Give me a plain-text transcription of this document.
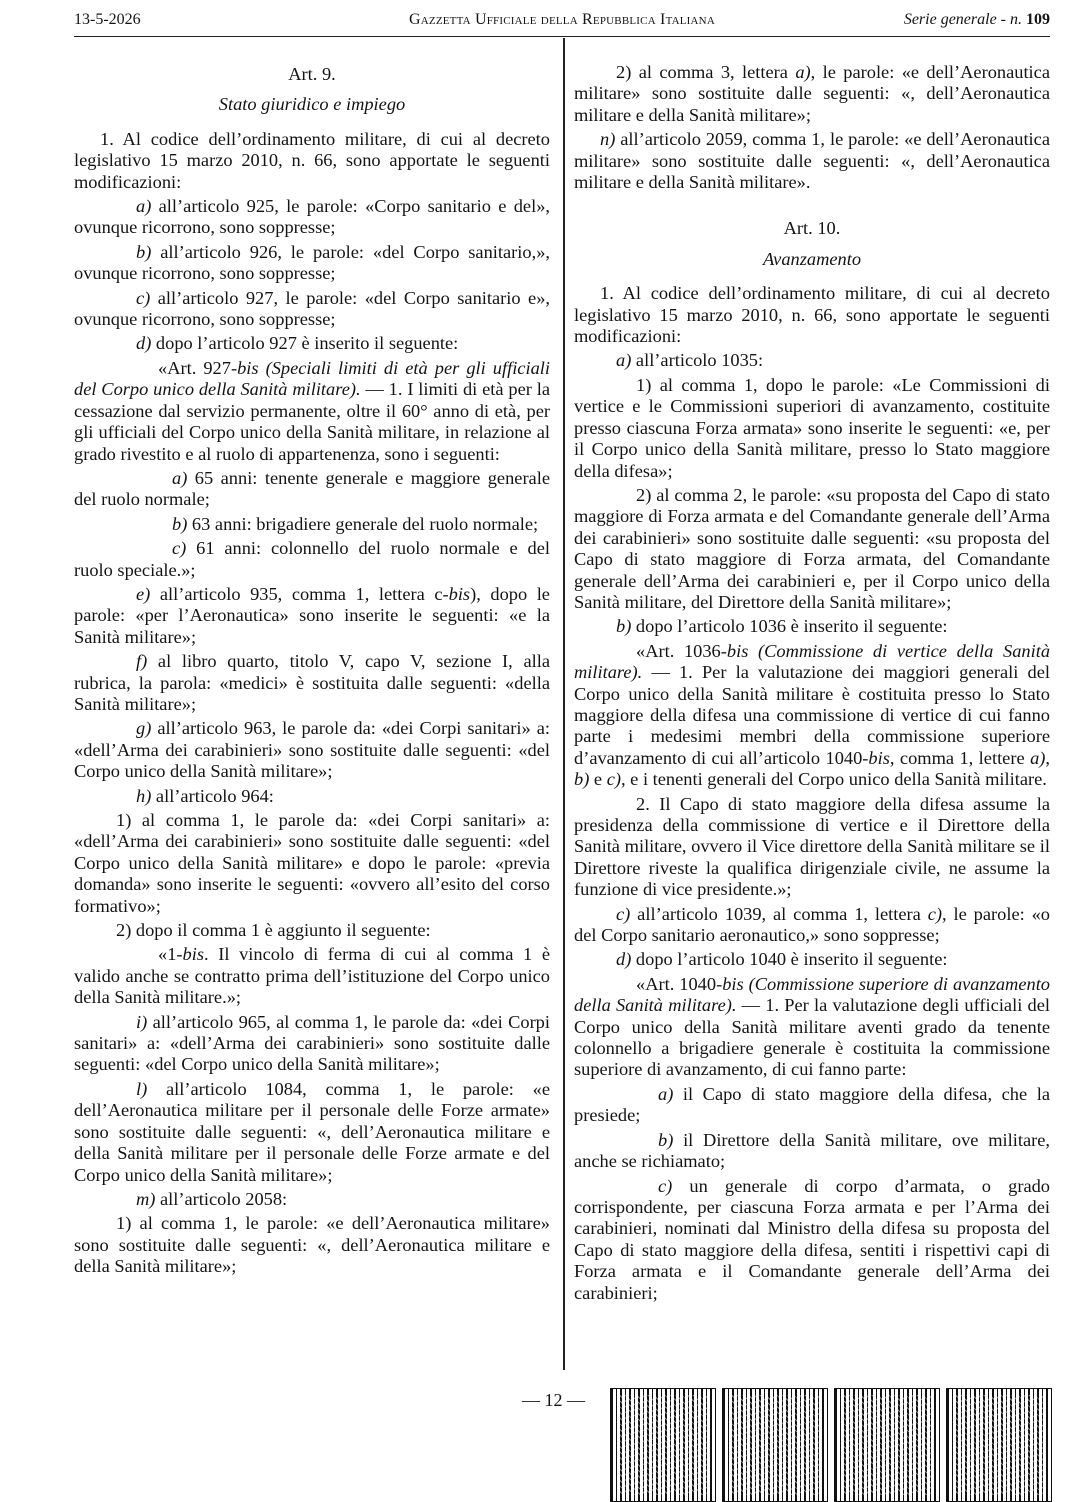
13-5-2026	Gazzetta Ufficiale della Repubblica Italiana	Serie generale - n. 109

Art. 9.

Stato giuridico e impiego

1. Al codice dell’ordinamento militare, di cui al decreto legislativo 15 marzo 2010, n. 66, sono apportate le seguenti modificazioni:

a) all’articolo 925, le parole: «Corpo sanitario e del», ovunque ricorrono, sono soppresse;

b) all’articolo 926, le parole: «del Corpo sanitario,», ovunque ricorrono, sono soppresse;

c) all’articolo 927, le parole: «del Corpo sanitario e», ovunque ricorrono, sono soppresse;

d) dopo l’articolo 927 è inserito il seguente:

«Art. 927-bis (Speciali limiti di età per gli ufficiali del Corpo unico della Sanità militare). — 1. I limiti di età per la cessazione dal servizio permanente, oltre il 60° anno di età, per gli ufficiali del Corpo unico della Sanità militare, in relazione al grado rivestito e al ruolo di appartenenza, sono i seguenti:

a) 65 anni: tenente generale e maggiore generale del ruolo normale;

b) 63 anni: brigadiere generale del ruolo normale;

c) 61 anni: colonnello del ruolo normale e del ruolo speciale.»;

e) all’articolo 935, comma 1, lettera c-bis), dopo le parole: «per l’Aeronautica» sono inserite le seguenti: «e la Sanità militare»;

f) al libro quarto, titolo V, capo V, sezione I, alla rubrica, la parola: «medici» è sostituita dalle seguenti: «della Sanità militare»;

g) all’articolo 963, le parole da: «dei Corpi sanitari» a: «dell’Arma dei carabinieri» sono sostituite dalle seguenti: «del Corpo unico della Sanità militare»;

h) all’articolo 964:

1) al comma 1, le parole da: «dei Corpi sanitari» a: «dell’Arma dei carabinieri» sono sostituite dalle seguenti: «del Corpo unico della Sanità militare» e dopo le parole: «previa domanda» sono inserite le seguenti: «ovvero all’esito del corso formativo»;

2) dopo il comma 1 è aggiunto il seguente:

«1-bis. Il vincolo di ferma di cui al comma 1 è valido anche se contratto prima dell’istituzione del Corpo unico della Sanità militare.»;

i) all’articolo 965, al comma 1, le parole da: «dei Corpi sanitari» a: «dell’Arma dei carabinieri» sono sostituite dalle seguenti: «del Corpo unico della Sanità militare»;

l) all’articolo 1084, comma 1, le parole: «e dell’Aeronautica militare per il personale delle Forze armate» sono sostituite dalle seguenti: «, dell’Aeronautica militare e della Sanità militare per il personale delle Forze armate e del Corpo unico della Sanità militare»;

m) all’articolo 2058:

1) al comma 1, le parole: «e dell’Aeronautica militare» sono sostituite dalle seguenti: «, dell’Aeronautica militare e della Sanità militare»;

2) al comma 3, lettera a), le parole: «e dell’Aeronautica militare» sono sostituite dalle seguenti: «, dell’Aeronautica militare e della Sanità militare»;

n) all’articolo 2059, comma 1, le parole: «e dell’Aeronautica militare» sono sostituite dalle seguenti: «, dell’Aeronautica militare e della Sanità militare».

Art. 10.

Avanzamento

1. Al codice dell’ordinamento militare, di cui al decreto legislativo 15 marzo 2010, n. 66, sono apportate le seguenti modificazioni:

a) all’articolo 1035:

1) al comma 1, dopo le parole: «Le Commissioni di vertice e le Commissioni superiori di avanzamento, costituite presso ciascuna Forza armata» sono inserite le seguenti: «e, per il Corpo unico della Sanità militare, presso lo Stato maggiore della difesa»;

2) al comma 2, le parole: «su proposta del Capo di stato maggiore di Forza armata e del Comandante generale dell’Arma dei carabinieri» sono sostituite dalle seguenti: «su proposta del Capo di stato maggiore di Forza armata, del Comandante generale dell’Arma dei carabinieri e, per il Corpo unico della Sanità militare, del Direttore della Sanità militare»;

b) dopo l’articolo 1036 è inserito il seguente:

«Art. 1036-bis (Commissione di vertice della Sanità militare). — 1. Per la valutazione dei maggiori generali del Corpo unico della Sanità militare è costituita presso lo Stato maggiore della difesa una commissione di vertice di cui fanno parte i medesimi membri della commissione superiore d’avanzamento di cui all’articolo 1040-bis, comma 1, lettere a), b) e c), e i tenenti generali del Corpo unico della Sanità militare.

2. Il Capo di stato maggiore della difesa assume la presidenza della commissione di vertice e il Direttore della Sanità militare, ovvero il Vice direttore della Sanità militare se il Direttore riveste la qualifica dirigenziale civile, ne assume la funzione di vice presidente.»;

c) all’articolo 1039, al comma 1, lettera c), le parole: «o del Corpo sanitario aeronautico,» sono soppresse;

d) dopo l’articolo 1040 è inserito il seguente:

«Art. 1040-bis (Commissione superiore di avanzamento della Sanità militare). — 1. Per la valutazione degli ufficiali del Corpo unico della Sanità militare aventi grado da tenente colonnello a brigadiere generale è costituita la commissione superiore di avanzamento, di cui fanno parte:

a) il Capo di stato maggiore della difesa, che la presiede;

b) il Direttore della Sanità militare, ove militare, anche se richiamato;

c) un generale di corpo d’armata, o grado corrispondente, per ciascuna Forza armata e per l’Arma dei carabinieri, nominati dal Ministro della difesa su proposta del Capo di stato maggiore della difesa, sentiti i rispettivi capi di Forza armata e il Comandante generale dell’Arma dei carabinieri;

— 12 —
